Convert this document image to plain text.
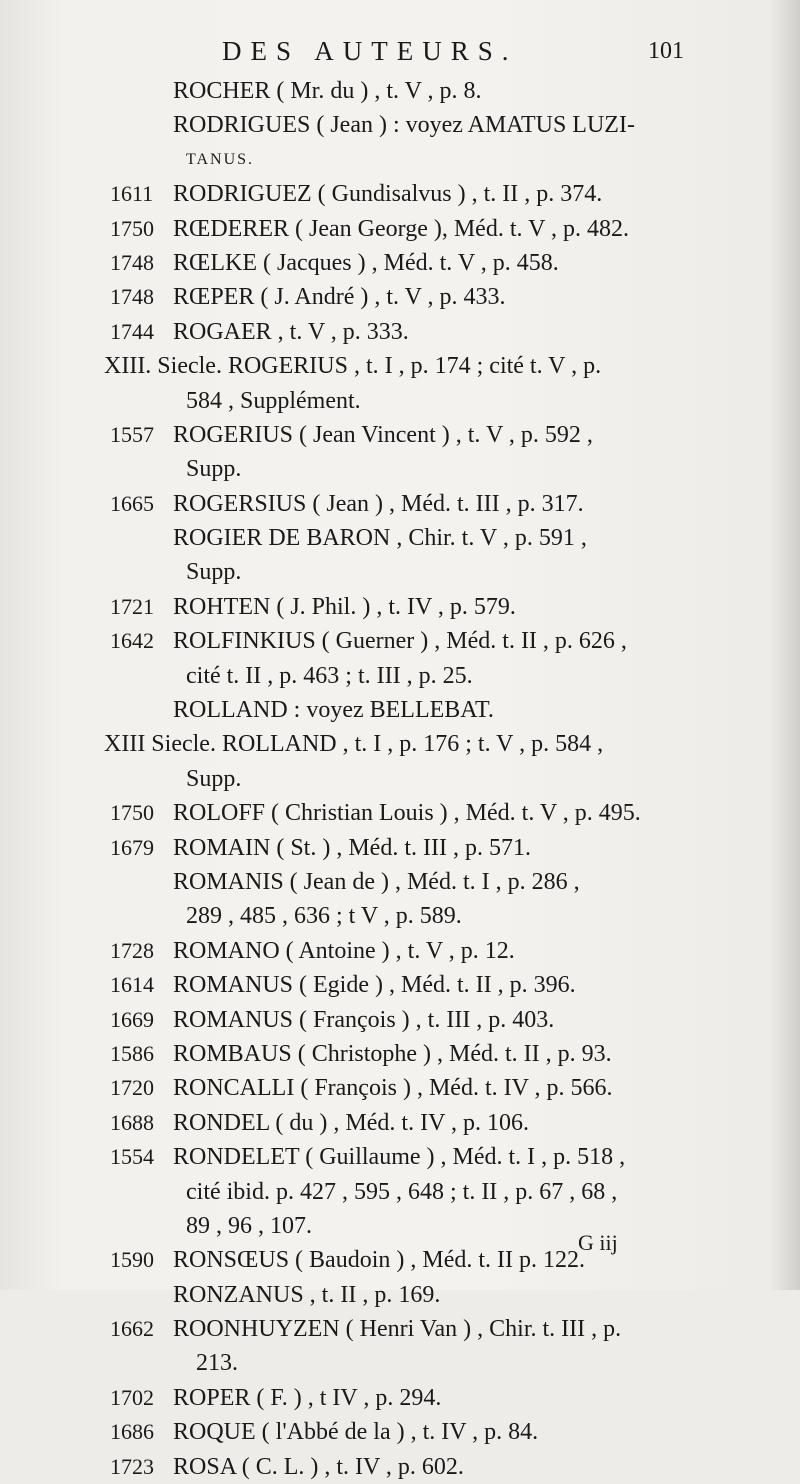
DES AUTEURS.	101
ROCHER ( Mr. du ) , t. V , p. 8.
RODRIGUES ( Jean ) : voyez AMATUS LUZI-
TANUS.
1611 RODRIGUEZ ( Gundisalvus ) , t. II , p. 374.
1750 RŒDERER ( Jean George ), Méd. t. V , p. 482.
1748 RŒLKE ( Jacques ) , Méd. t. V , p. 458.
1748 RŒPER ( J. André ) , t. V , p. 433.
1744 ROGAER , t. V , p. 333.
XIII. Siecle. ROGERIUS , t. I , p. 174 ; cité t. V , p.
584 , Supplément.
1557 ROGERIUS ( Jean Vincent ) , t. V , p. 592 ,
Supp.
1665 ROGERSIUS ( Jean ) , Méd. t. III , p. 317.
ROGIER DE BARON , Chir. t. V , p. 591 ,
Supp.
1721 ROHTEN ( J. Phil. ) , t. IV , p. 579.
1642 ROLFINKIUS ( Guerner ) , Méd. t. II , p. 626 ,
cité t. II , p. 463 ; t. III , p. 25.
ROLLAND : voyez BELLEBAT.
XIII Siecle. ROLLAND , t. I , p. 176 ; t. V , p. 584 ,
Supp.
1750 ROLOFF ( Christian Louis ) , Méd. t. V , p. 495.
1679 ROMAIN ( St. ) , Méd. t. III , p. 571.
ROMANIS ( Jean de ) , Méd. t. I , p. 286 ,
289 , 485 , 636 ; t V , p. 589.
1728 ROMANO ( Antoine ) , t. V , p. 12.
1614 ROMANUS ( Egide ) , Méd. t. II , p. 396.
1669 ROMANUS ( François ) , t. III , p. 403.
1586 ROMBAUS ( Christophe ) , Méd. t. II , p. 93.
1720 RONCALLI ( François ) , Méd. t. IV , p. 566.
1688 RONDEL ( du ) , Méd. t. IV , p. 106.
1554 RONDELET ( Guillaume ) , Méd. t. I , p. 518 ,
cité ibid. p. 427 , 595 , 648 ; t. II , p. 67 , 68 ,
89 , 96 , 107.
1590 RONSŒUS ( Baudoin ) , Méd. t. II p. 122.
RONZANUS , t. II , p. 169.
1662 ROONHUYZEN ( Henri Van ) , Chir. t. III , p.
213.
1702 ROPER ( F. ) , t IV , p. 294.
1686 ROQUE ( l'Abbé de la ) , t. IV , p. 84.
1723 ROSA ( C. L. ) , t. IV , p. 602.
G iij
